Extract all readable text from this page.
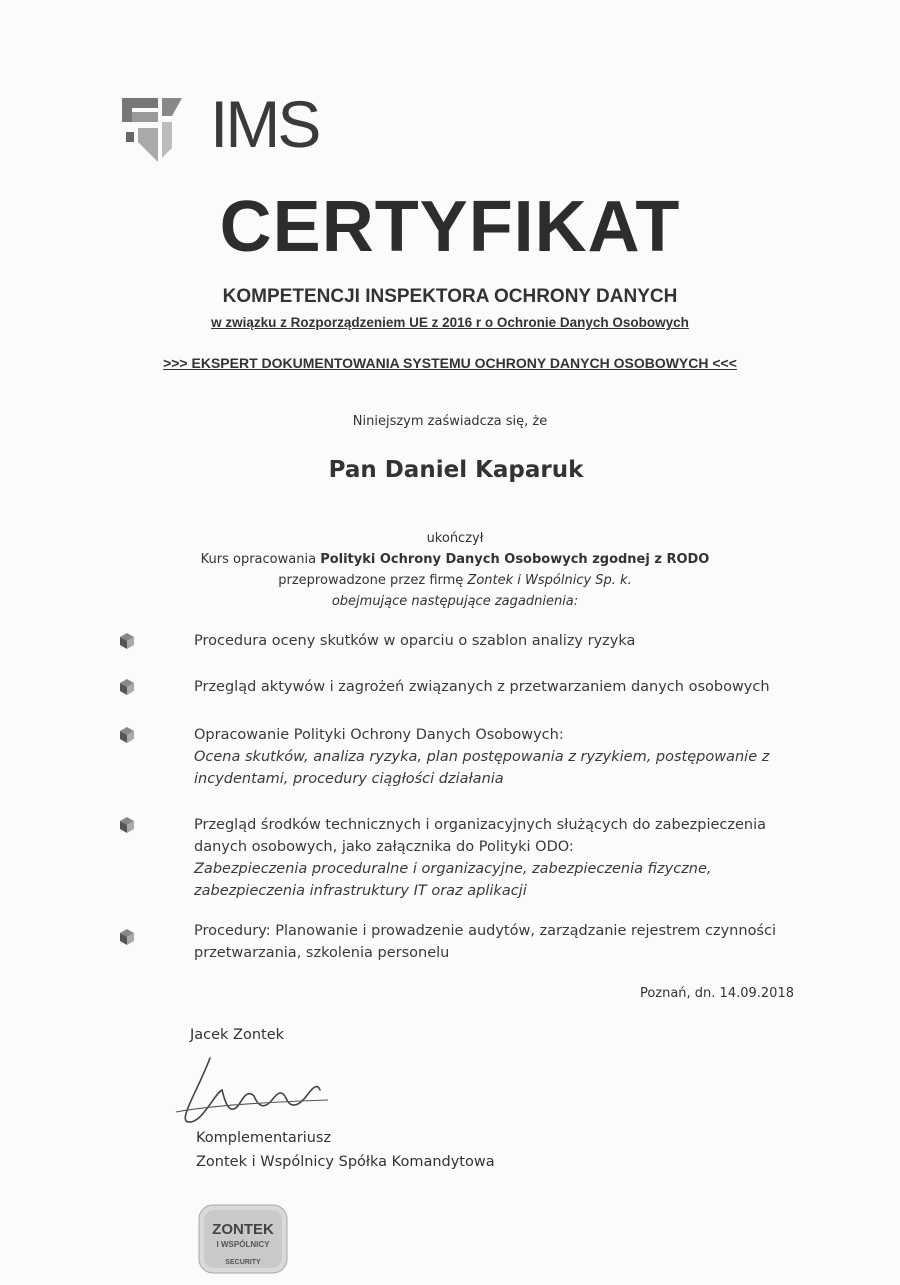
IMS
CERTYFIKAT
KOMPETENCJI INSPEKTORA OCHRONY DANYCH
w związku z Rozporządzeniem UE z 2016 r o Ochronie Danych Osobowych
>>> EKSPERT DOKUMENTOWANIA SYSTEMU OCHRONY DANYCH OSOBOWYCH <<<
Niniejszym zaświadcza się, że
Pan Daniel Kaparuk
ukończył
Kurs opracowania Polityki Ochrony Danych Osobowych zgodnej z RODO
przeprowadzone przez firmę Zontek i Wspólnicy Sp. k.
obejmujące następujące zagadnienia:
Procedura oceny skutków w oparciu o szablon analizy ryzyka
Przegląd aktywów i zagrożeń związanych z przetwarzaniem danych osobowych
Opracowanie Polityki Ochrony Danych Osobowych:
Ocena skutków, analiza ryzyka, plan postępowania z ryzykiem, postępowanie z incydentami, procedury ciągłości działania
Przegląd środków technicznych i organizacyjnych służących do zabezpieczenia danych osobowych, jako załącznika do Polityki ODO:
Zabezpieczenia proceduralne i organizacyjne, zabezpieczenia fizyczne, zabezpieczenia infrastruktury IT oraz aplikacji
Procedury: Planowanie i prowadzenie audytów, zarządzanie rejestrem czynności przetwarzania, szkolenia personelu
Poznań, dn. 14.09.2018
Jacek Zontek
Komplementariusz
Zontek i Wspólnicy Spółka Komandytowa
ZONTEK
I WSPÓLNICY
SECURITY
